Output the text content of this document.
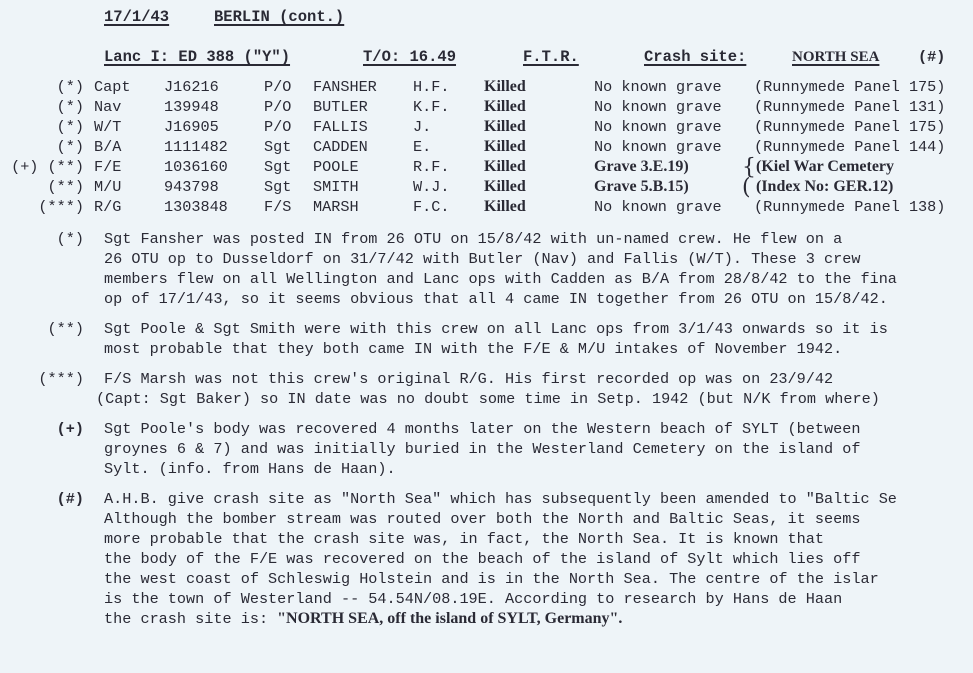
17/1/43	BERLIN (cont.)
Lanc I: ED 388 ("Y")	T/O: 16.49	F.T.R.	Crash site:	NORTH SEA	(#)
(*) Capt J16216	P/O FANSHER H.F. Killed	No known grave (Runnymede Panel 175)
(*) Nav	139948	P/O BUTLER	K.F. Killed	No known grave (Runnymede Panel 131)
(*) W/T	J16905	P/O FALLIS	J.	Killed	No known grave (Runnymede Panel 175)
(*) B/A	1111482 Sgt CADDEN	E.	Killed	No known grave (Runnymede Panel 144)
(+) (**) F/E	1036160 Sgt POOLE	R.F. Killed	Grave 3.E.19)	(Kiel War Cemetery
(**) M/U	943798	Sgt SMITH	W.J. Killed	Grave 5.B.15)	(Index No: GER.12)
(***) R/G	1303848 F/S MARSH	F.C. Killed	No known grave (Runnymede Panel 138)
{
(
(*) Sgt Fansher was posted IN from 26 OTU on 15/8/42 with un-named crew. He flew on a
26 OTU op to Dusseldorf on 31/7/42 with Butler (Nav) and Fallis (W/T). These 3 crew
members flew on all Wellington and Lanc ops with Cadden as B/A from 28/8/42 to the fina
op of 17/1/43, so it seems obvious that all 4 came IN together from 26 OTU on 15/8/42.
(**) Sgt Poole & Sgt Smith were with this crew on all Lanc ops from 3/1/43 onwards so it is
most probable that they both came IN with the F/E & M/U intakes of November 1942.
(***) F/S Marsh was not this crew's original R/G. His first recorded op was on 23/9/42
(Capt: Sgt Baker) so IN date was no doubt some time in Setp. 1942 (but N/K from where)
(+) Sgt Poole's body was recovered 4 months later on the Western beach of SYLT (between
groynes 6 & 7) and was initially buried in the Westerland Cemetery on the island of
Sylt. (info. from Hans de Haan).
(#) A.H.B. give crash site as "North Sea" which has subsequently been amended to "Baltic Se
Although the bomber stream was routed over both the North and Baltic Seas, it seems
more probable that the crash site was, in fact, the North Sea. It is known that
the body of the F/E was recovered on the beach of the island of Sylt which lies off
the west coast of Schleswig Holstein and is in the North Sea. The centre of the islar
is the town of Westerland -- 54.54N/08.19E. According to research by Hans de Haan
the crash site is: "NORTH SEA, off the island of SYLT, Germany".
